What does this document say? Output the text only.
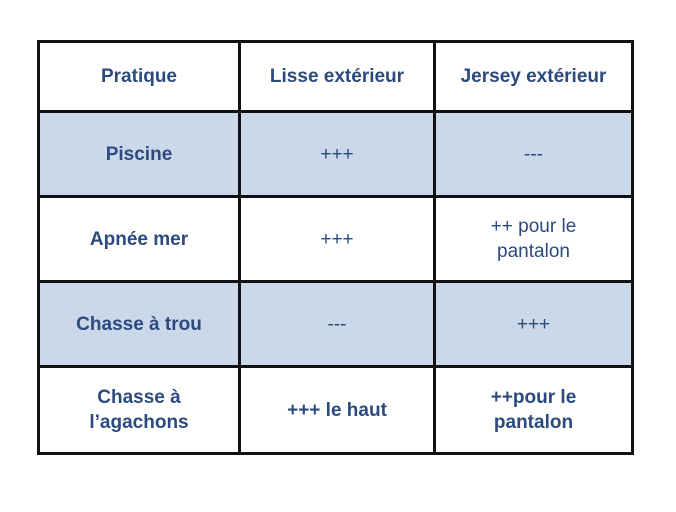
Pratique	Lisse extérieur	Jersey extérieur
Piscine	+++	---
Apnée mer	+++	++ pour le pantalon
Chasse à trou	---	+++
Chasse à l’agachons	+++ le haut	++pour le pantalon
